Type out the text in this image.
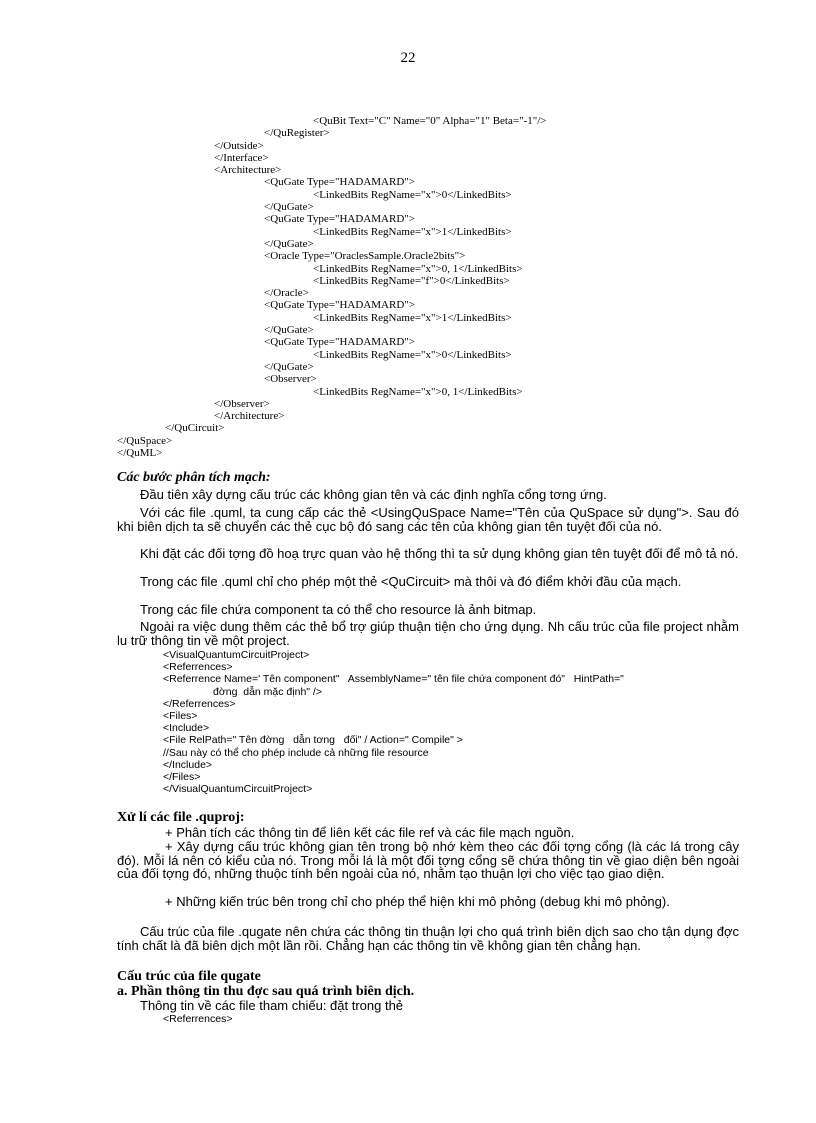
22
<QuBit Text="C" Name="0" Alpha="1" Beta="-1"/>
</QuRegister>
</Outside>
</Interface>
<Architecture>
<QuGate Type="HADAMARD">
<LinkedBits RegName="x">0</LinkedBits>
</QuGate>
<QuGate Type="HADAMARD">
<LinkedBits RegName="x">1</LinkedBits>
</QuGate>
<Oracle Type="OraclesSample.Oracle2bits">
<LinkedBits RegName="x">0, 1</LinkedBits>
<LinkedBits RegName="f">0</LinkedBits>
</Oracle>
<QuGate Type="HADAMARD">
<LinkedBits RegName="x">1</LinkedBits>
</QuGate>
<QuGate Type="HADAMARD">
<LinkedBits RegName="x">0</LinkedBits>
</QuGate>
<Observer>
<LinkedBits RegName="x">0, 1</LinkedBits>
</Observer>
</Architecture>
</QuCircuit>
</QuSpace>
</QuML>
Các bước phân tích mạch:
Đầu tiên xây dựng cấu trúc các không gian tên và các định nghĩa cổng tơng ứng.
Với các file .quml, ta cung cấp các thẻ <UsingQuSpace Name="Tên của QuSpace sử dụng">. Sau đó khi biên dịch ta sẽ chuyển các thẻ cục bộ đó sang các tên của không gian tên tuyệt đối của nó.
Khi đặt các đối tợng đồ hoạ trực quan vào hệ thống thì ta sử dụng không gian tên tuyệt đối để mô tả nó.
Trong các file .quml chỉ cho phép một thẻ <QuCircuit> mà thôi và đó điểm khởi đầu của mạch.
Trong các file chứa component ta có thể cho resource là ảnh bitmap.
Ngoài ra việc dung thêm các thẻ bổ trợ giúp thuận tiện cho ứng dụng. Nh cấu trúc của file project nhằm lu trữ thông tin về một project.
<VisualQuantumCircuitProject>
<Referrences>
<Referrence Name=' Tên component"   AssemblyName=" tên file chứa component đó"   HintPath="
đờng  dẫn mặc định" />
</Referrences>
<Files>
<Include>
<File RelPath=" Tên đờng   dẫn tơng   đối" / Action=" Compile" >
//Sau này có thể cho phép include cả những file resource
</Include>
</Files>
</VisualQuantumCircuitProject>
Xử lí các file .quproj:
+ Phân tích các thông tin để liên kết các file ref và các file mạch nguồn.
+ Xây dựng cấu trúc không gian tên trong bộ nhớ kèm theo các đối tợng cổng (là các lá trong cây đó). Mỗi lá nên có kiểu của nó. Trong mỗi lá là một đối tợng cổng sẽ chứa thông tin về giao diện bên ngoài của đối tợng đó, những thuộc tính bên ngoài của nó, nhằm tạo thuận lợi cho việc tạo giao diện.
+ Những kiến trúc bên trong chỉ cho phép thể hiện khi mô phỏng (debug khi mô phỏng).
Cấu trúc của file .qugate nên chứa các thông tin thuận lợi cho quá trình biên dịch sao cho tận dụng đợc tính chất là đã biên dịch một lần rồi. Chẳng hạn các thông tin về không gian tên chẳng hạn.
Cấu trúc của file qugate
a. Phần thông tin thu đợc sau quá trình biên dịch.
Thông tin về các file tham chiếu: đặt trong thẻ
<Referrences>
